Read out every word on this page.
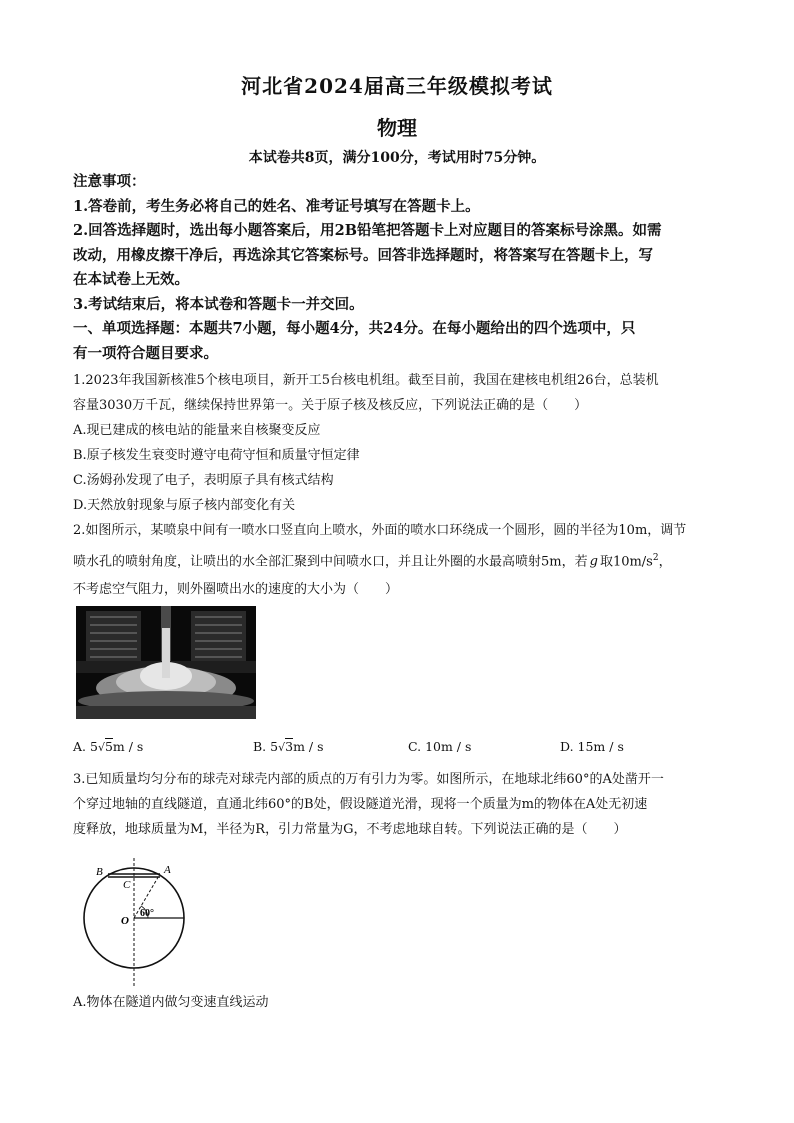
河北省2024届高三年级模拟考试
物理
本试卷共8页，满分100分，考试用时75分钟。
注意事项：
1.答卷前，考生务必将自己的姓名、准考证号填写在答题卡上。
2.回答选择题时，选出每小题答案后，用2B铅笔把答题卡上对应题目的答案标号涂黑。如需
改动，用橡皮擦干净后，再选涂其它答案标号。回答非选择题时，将答案写在答题卡上，写
在本试卷上无效。
3.考试结束后，将本试卷和答题卡一并交回。
一、单项选择题：本题共7小题，每小题4分，共24分。在每小题给出的四个选项中，只
有一项符合题目要求。
1.2023年我国新核准5个核电项目，新开工5台核电机组。截至目前，我国在建核电机组26台，总装机
容量3030万千瓦，继续保持世界第一。关于原子核及核反应，下列说法正确的是（　　）
A.现已建成的核电站的能量来自核聚变反应
B.原子核发生衰变时遵守电荷守恒和质量守恒定律
C.汤姆孙发现了电子，表明原子具有核式结构
D.天然放射现象与原子核内部变化有关
2.如图所示，某喷泉中间有一喷水口竖直向上喷水，外面的喷水口环绕成一个圆形，圆的半径为10m，调节
喷水孔的喷射角度，让喷出的水全部汇聚到中间喷水口，并且让外圈的水最高喷射5m，若 g 取$10m/s^2$，
不考虑空气阻力，则外圈喷出水的速度的大小为（　　）
A. 5√5m / s	B. 5√3m / s	C. 10m / s	D. 15m / s
3.已知质量均匀分布的球壳对球壳内部的质点的万有引力为零。如图所示，在地球北纬60°的A处凿开一
个穿过地轴的直线隧道，直通北纬60°的B处，假设隧道光滑，现将一个质量为m的物体在A处无初速
度释放，地球质量为M，半径为R，引力常量为G，不考虑地球自转。下列说法正确的是（　　）
B	A
C
O
60°
A.物体在隧道内做匀变速直线运动
